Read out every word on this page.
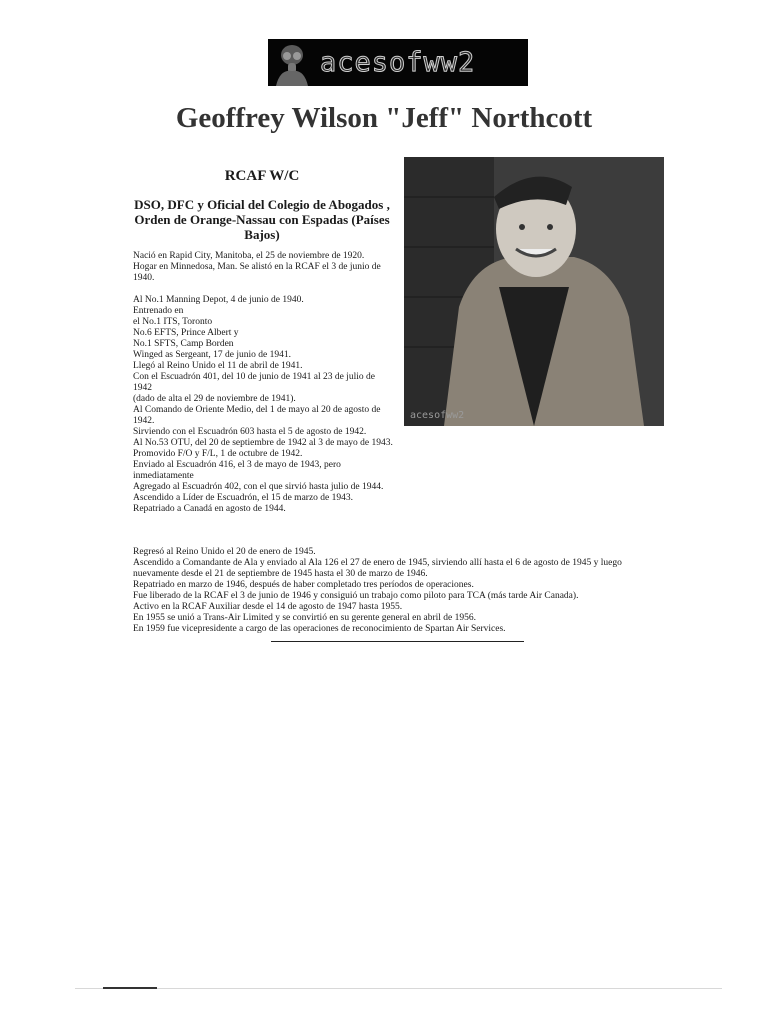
acesofww2
Geoffrey Wilson "Jeff" Northcott
RCAF W/C
DSO, DFC y Oficial del Colegio de Abogados , Orden de Orange-Nassau con Espadas (Países Bajos)
acesofww2

Nació en Rapid City, Manitoba, el 25 de noviembre de 1920.

Hogar en Minnedosa, Man. Se alistó en la RCAF el 3 de junio de 1940.

Al No.1 Manning Depot, 4 de junio de 1940.

Entrenado en

el No.1 ITS, Toronto

No.6 EFTS, Prince Albert y

No.1 SFTS, Camp Borden

Winged as Sergeant, 17 de junio de 1941.

Llegó al Reino Unido el 11 de abril de 1941.

Con el Escuadrón 401, del 10 de junio de 1941 al 23 de julio de 1942

(dado de alta el 29 de noviembre de 1941).

Al Comando de Oriente Medio, del 1 de mayo al 20 de agosto de 1942.

Sirviendo con el Escuadrón 603 hasta el 5 de agosto de 1942.

Al No.53 OTU, del 20 de septiembre de 1942 al 3 de mayo de 1943.

Promovido F/O y F/L, 1 de octubre de 1942.

Enviado al Escuadrón 416, el 3 de mayo de 1943, pero inmediatamente

Agregado al Escuadrón 402, con el que sirvió hasta julio de 1944.

Ascendido a Líder de Escuadrón, el 15 de marzo de 1943.

Repatriado a Canadá en agosto de 1944.

Regresó al Reino Unido el 20 de enero de 1945.

Ascendido a Comandante de Ala y enviado al Ala 126 el 27 de enero de 1945, sirviendo allí hasta el 6 de agosto de 1945 y luego nuevamente desde el 21 de septiembre de 1945 hasta el 30 de marzo de 1946.

Repatriado en marzo de 1946, después de haber completado tres períodos de operaciones.

Fue liberado de la RCAF el 3 de junio de 1946 y consiguió un trabajo como piloto para TCA (más tarde Air Canada).

Activo en la RCAF Auxiliar desde el 14 de agosto de 1947 hasta 1955.

En 1955 se unió a Trans-Air Limited y se convirtió en su gerente general en abril de 1956.

En 1959 fue vicepresidente a cargo de las operaciones de reconocimiento de Spartan Air Services.
